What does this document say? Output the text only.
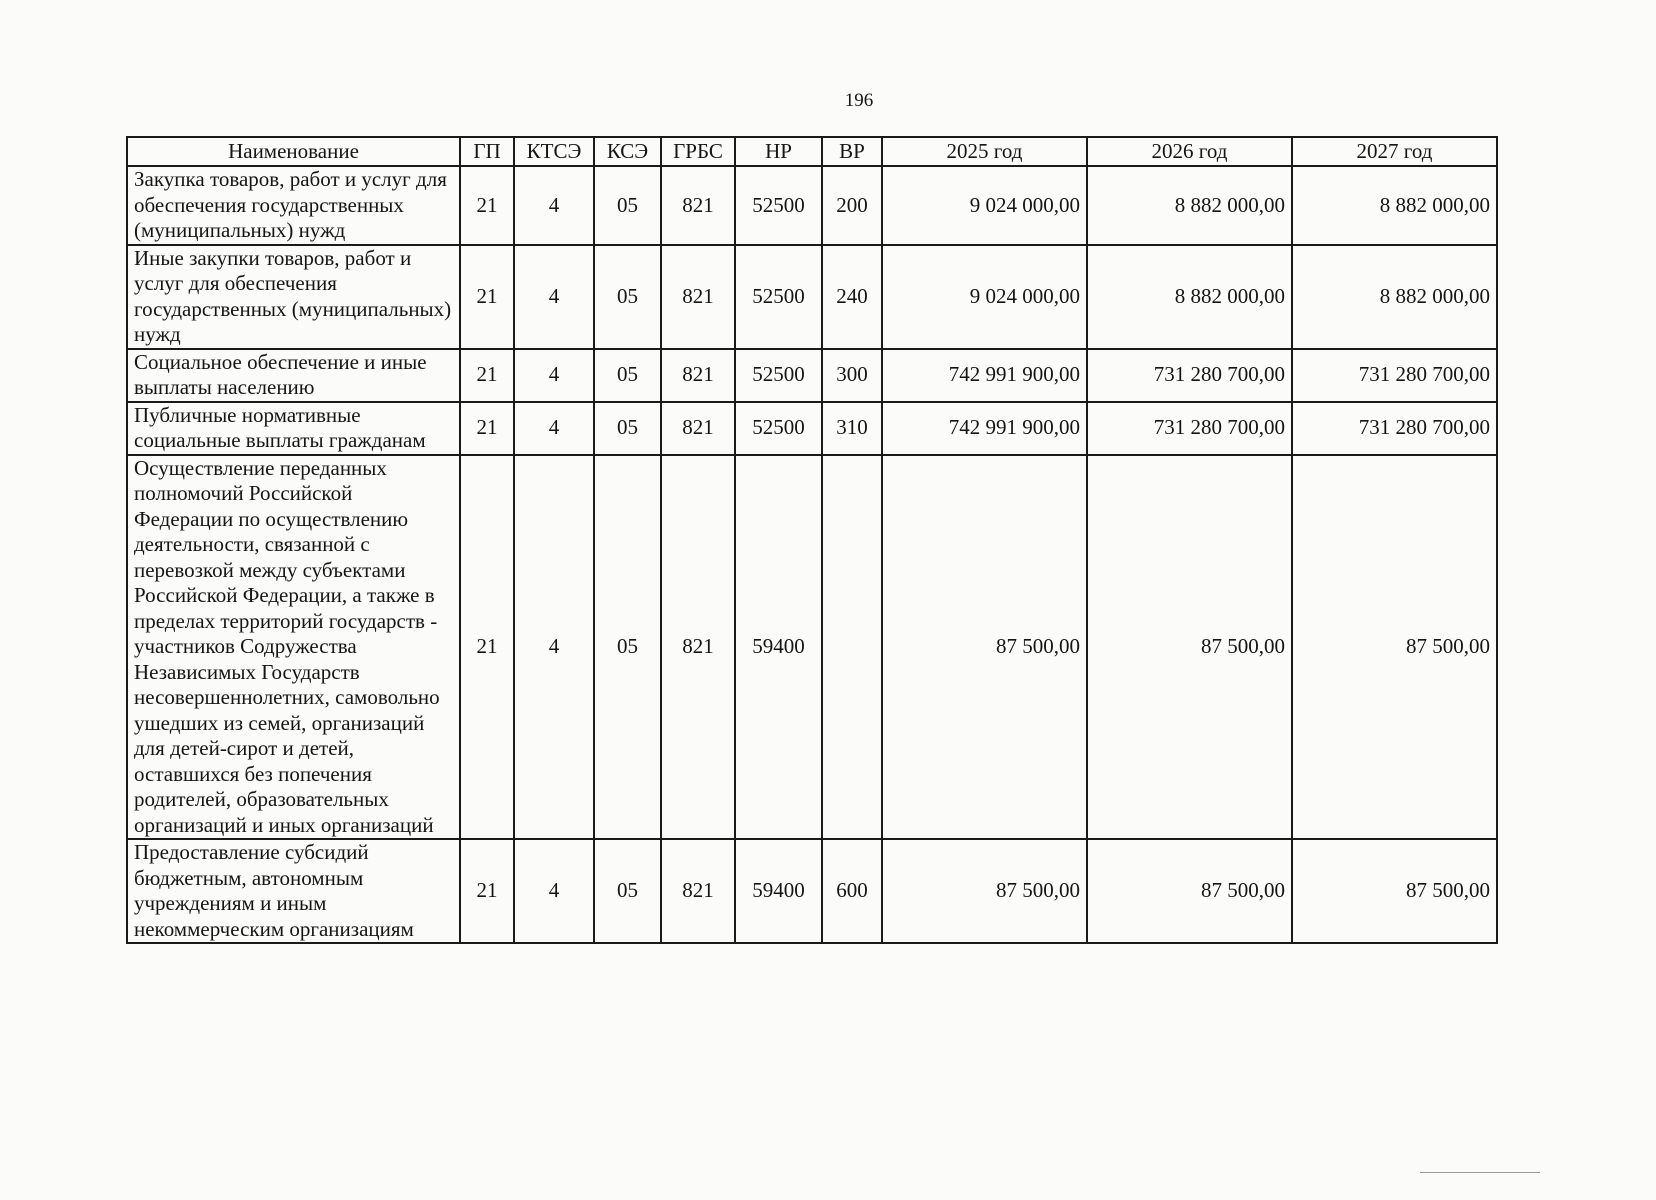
196
Наименование	ГП	КТСЭ	КСЭ	ГРБС	НР	ВР	2025 год	2026 год	2027 год
Закупка товаров, работ и услуг для обеспечения государственных (муниципальных) нужд	21	4	05	821	52500	200	9 024 000,00	8 882 000,00	8 882 000,00
Иные закупки товаров, работ и услуг для обеспечения государственных (муниципальных) нужд	21	4	05	821	52500	240	9 024 000,00	8 882 000,00	8 882 000,00
Социальное обеспечение и иные выплаты населению	21	4	05	821	52500	300	742 991 900,00	731 280 700,00	731 280 700,00
Публичные нормативные социальные выплаты гражданам	21	4	05	821	52500	310	742 991 900,00	731 280 700,00	731 280 700,00
Осуществление переданных полномочий Российской Федерации по осуществлению деятельности, связанной с перевозкой между субъектами Российской Федерации, а также в пределах территорий государств - участников Содружества Независимых Государств несовершеннолетних, самовольно ушедших из семей, организаций для детей-сирот и детей, оставшихся без попечения родителей, образовательных организаций и иных организаций	21	4	05	821	59400		87 500,00	87 500,00	87 500,00
Предоставление субсидий бюджетным, автономным учреждениям и иным некоммерческим организациям	21	4	05	821	59400	600	87 500,00	87 500,00	87 500,00
